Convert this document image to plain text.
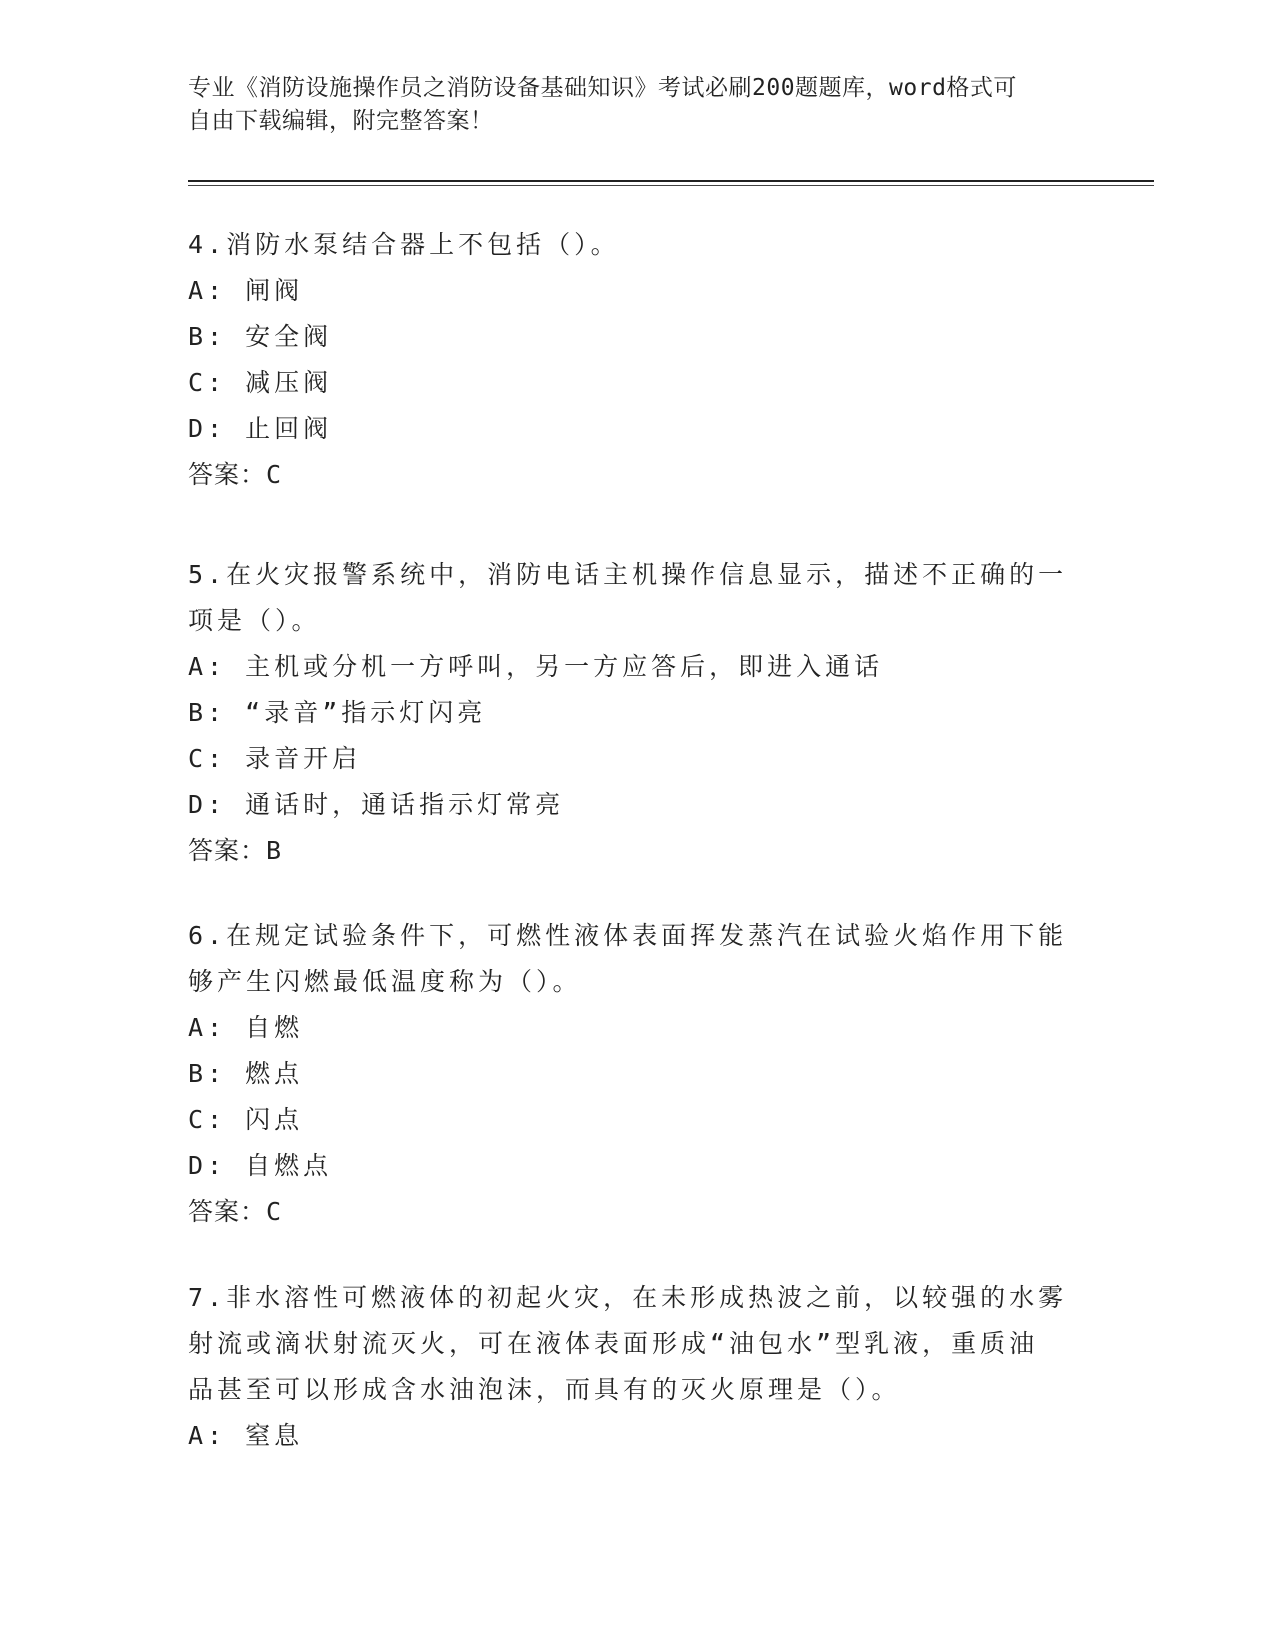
专业《消防设施操作员之消防设备基础知识》考试必刷200题题库，word格式可
自由下载编辑，附完整答案！
4.消防水泵结合器上不包括（）。
A: 闸阀
B: 安全阀
C: 减压阀
D: 止回阀
答案：C
5.在火灾报警系统中，消防电话主机操作信息显示，描述不正确的一
项是（）。
A: 主机或分机一方呼叫，另一方应答后，即进入通话
B: “录音”指示灯闪亮
C: 录音开启
D: 通话时，通话指示灯常亮
答案：B
6.在规定试验条件下，可燃性液体表面挥发蒸汽在试验火焰作用下能
够产生闪燃最低温度称为（）。
A: 自燃
B: 燃点
C: 闪点
D: 自燃点
答案：C
7.非水溶性可燃液体的初起火灾，在未形成热波之前，以较强的水雾
射流或滴状射流灭火，可在液体表面形成“油包水”型乳液，重质油
品甚至可以形成含水油泡沫，而具有的灭火原理是（）。
A: 窒息
